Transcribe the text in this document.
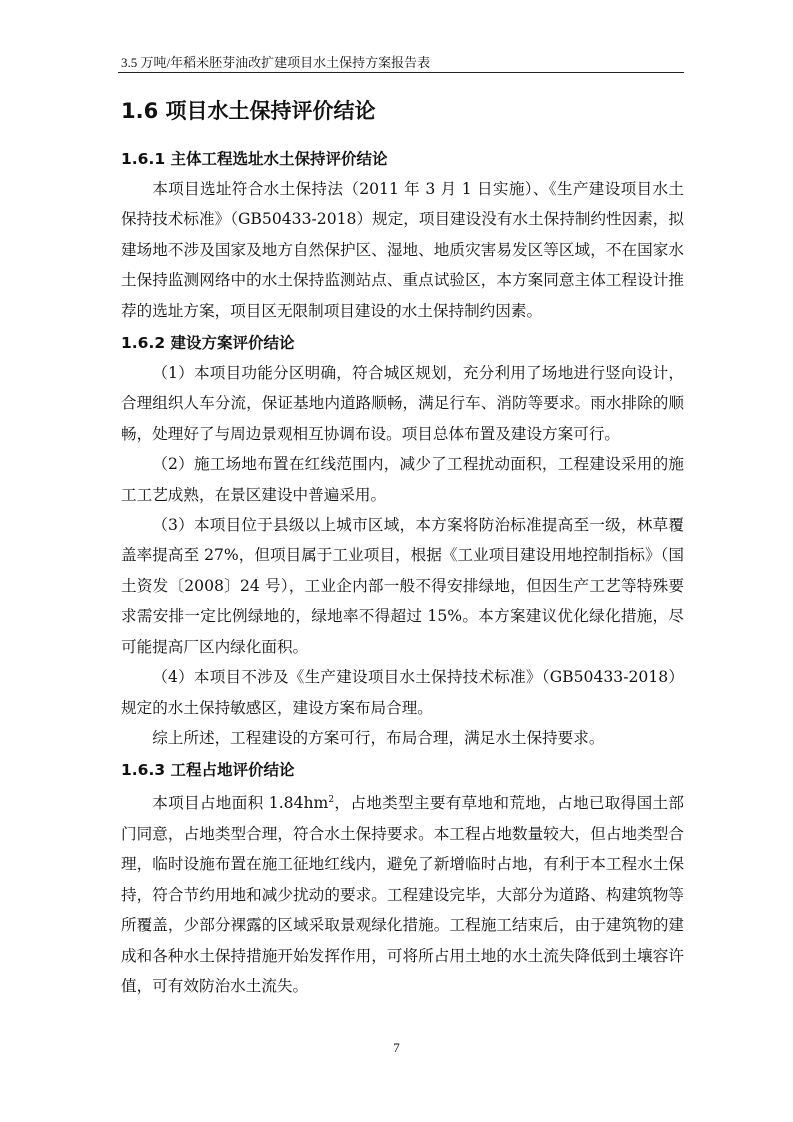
3.5 万吨/年稻米胚芽油改扩建项目水土保持方案报告表
1.6 项目水土保持评价结论
1.6.1 主体工程选址水土保持评价结论

本项目选址符合水土保持法（2011 年 3 月 1 日实施）、《生产建设项目水土保持技术标准》（GB50433-2018）规定，项目建设没有水土保持制约性因素，拟建场地不涉及国家及地方自然保护区、湿地、地质灾害易发区等区域，不在国家水土保持监测网络中的水土保持监测站点、重点试验区，本方案同意主体工程设计推荐的选址方案，项目区无限制项目建设的水土保持制约因素。

1.6.2 建设方案评价结论

（1）本项目功能分区明确，符合城区规划，充分利用了场地进行竖向设计，合理组织人车分流，保证基地内道路顺畅，满足行车、消防等要求。雨水排除的顺畅，处理好了与周边景观相互协调布设。项目总体布置及建设方案可行。

（2）施工场地布置在红线范围内，减少了工程扰动面积，工程建设采用的施工工艺成熟，在景区建设中普遍采用。

（3）本项目位于县级以上城市区域，本方案将防治标准提高至一级，林草覆盖率提高至 27%，但项目属于工业项目，根据《工业项目建设用地控制指标》（国土资发〔2008〕24 号），工业企内部一般不得安排绿地，但因生产工艺等特殊要求需安排一定比例绿地的，绿地率不得超过 15%。本方案建议优化绿化措施，尽可能提高厂区内绿化面积。

（4）本项目不涉及《生产建设项目水土保持技术标准》（GB50433-2018）规定的水土保持敏感区，建设方案布局合理。

综上所述，工程建设的方案可行，布局合理，满足水土保持要求。

1.6.3 工程占地评价结论

本项目占地面积 $1.84hm^2$，占地类型主要有草地和荒地，占地已取得国土部门同意，占地类型合理，符合水土保持要求。本工程占地数量较大，但占地类型合理，临时设施布置在施工征地红线内，避免了新增临时占地，有利于本工程水土保持，符合节约用地和减少扰动的要求。工程建设完毕，大部分为道路、构建筑物等所覆盖，少部分裸露的区域采取景观绿化措施。工程施工结束后，由于建筑物的建成和各种水土保持措施开始发挥作用，可将所占用土地的水土流失降低到土壤容许值，可有效防治水土流失。

7
